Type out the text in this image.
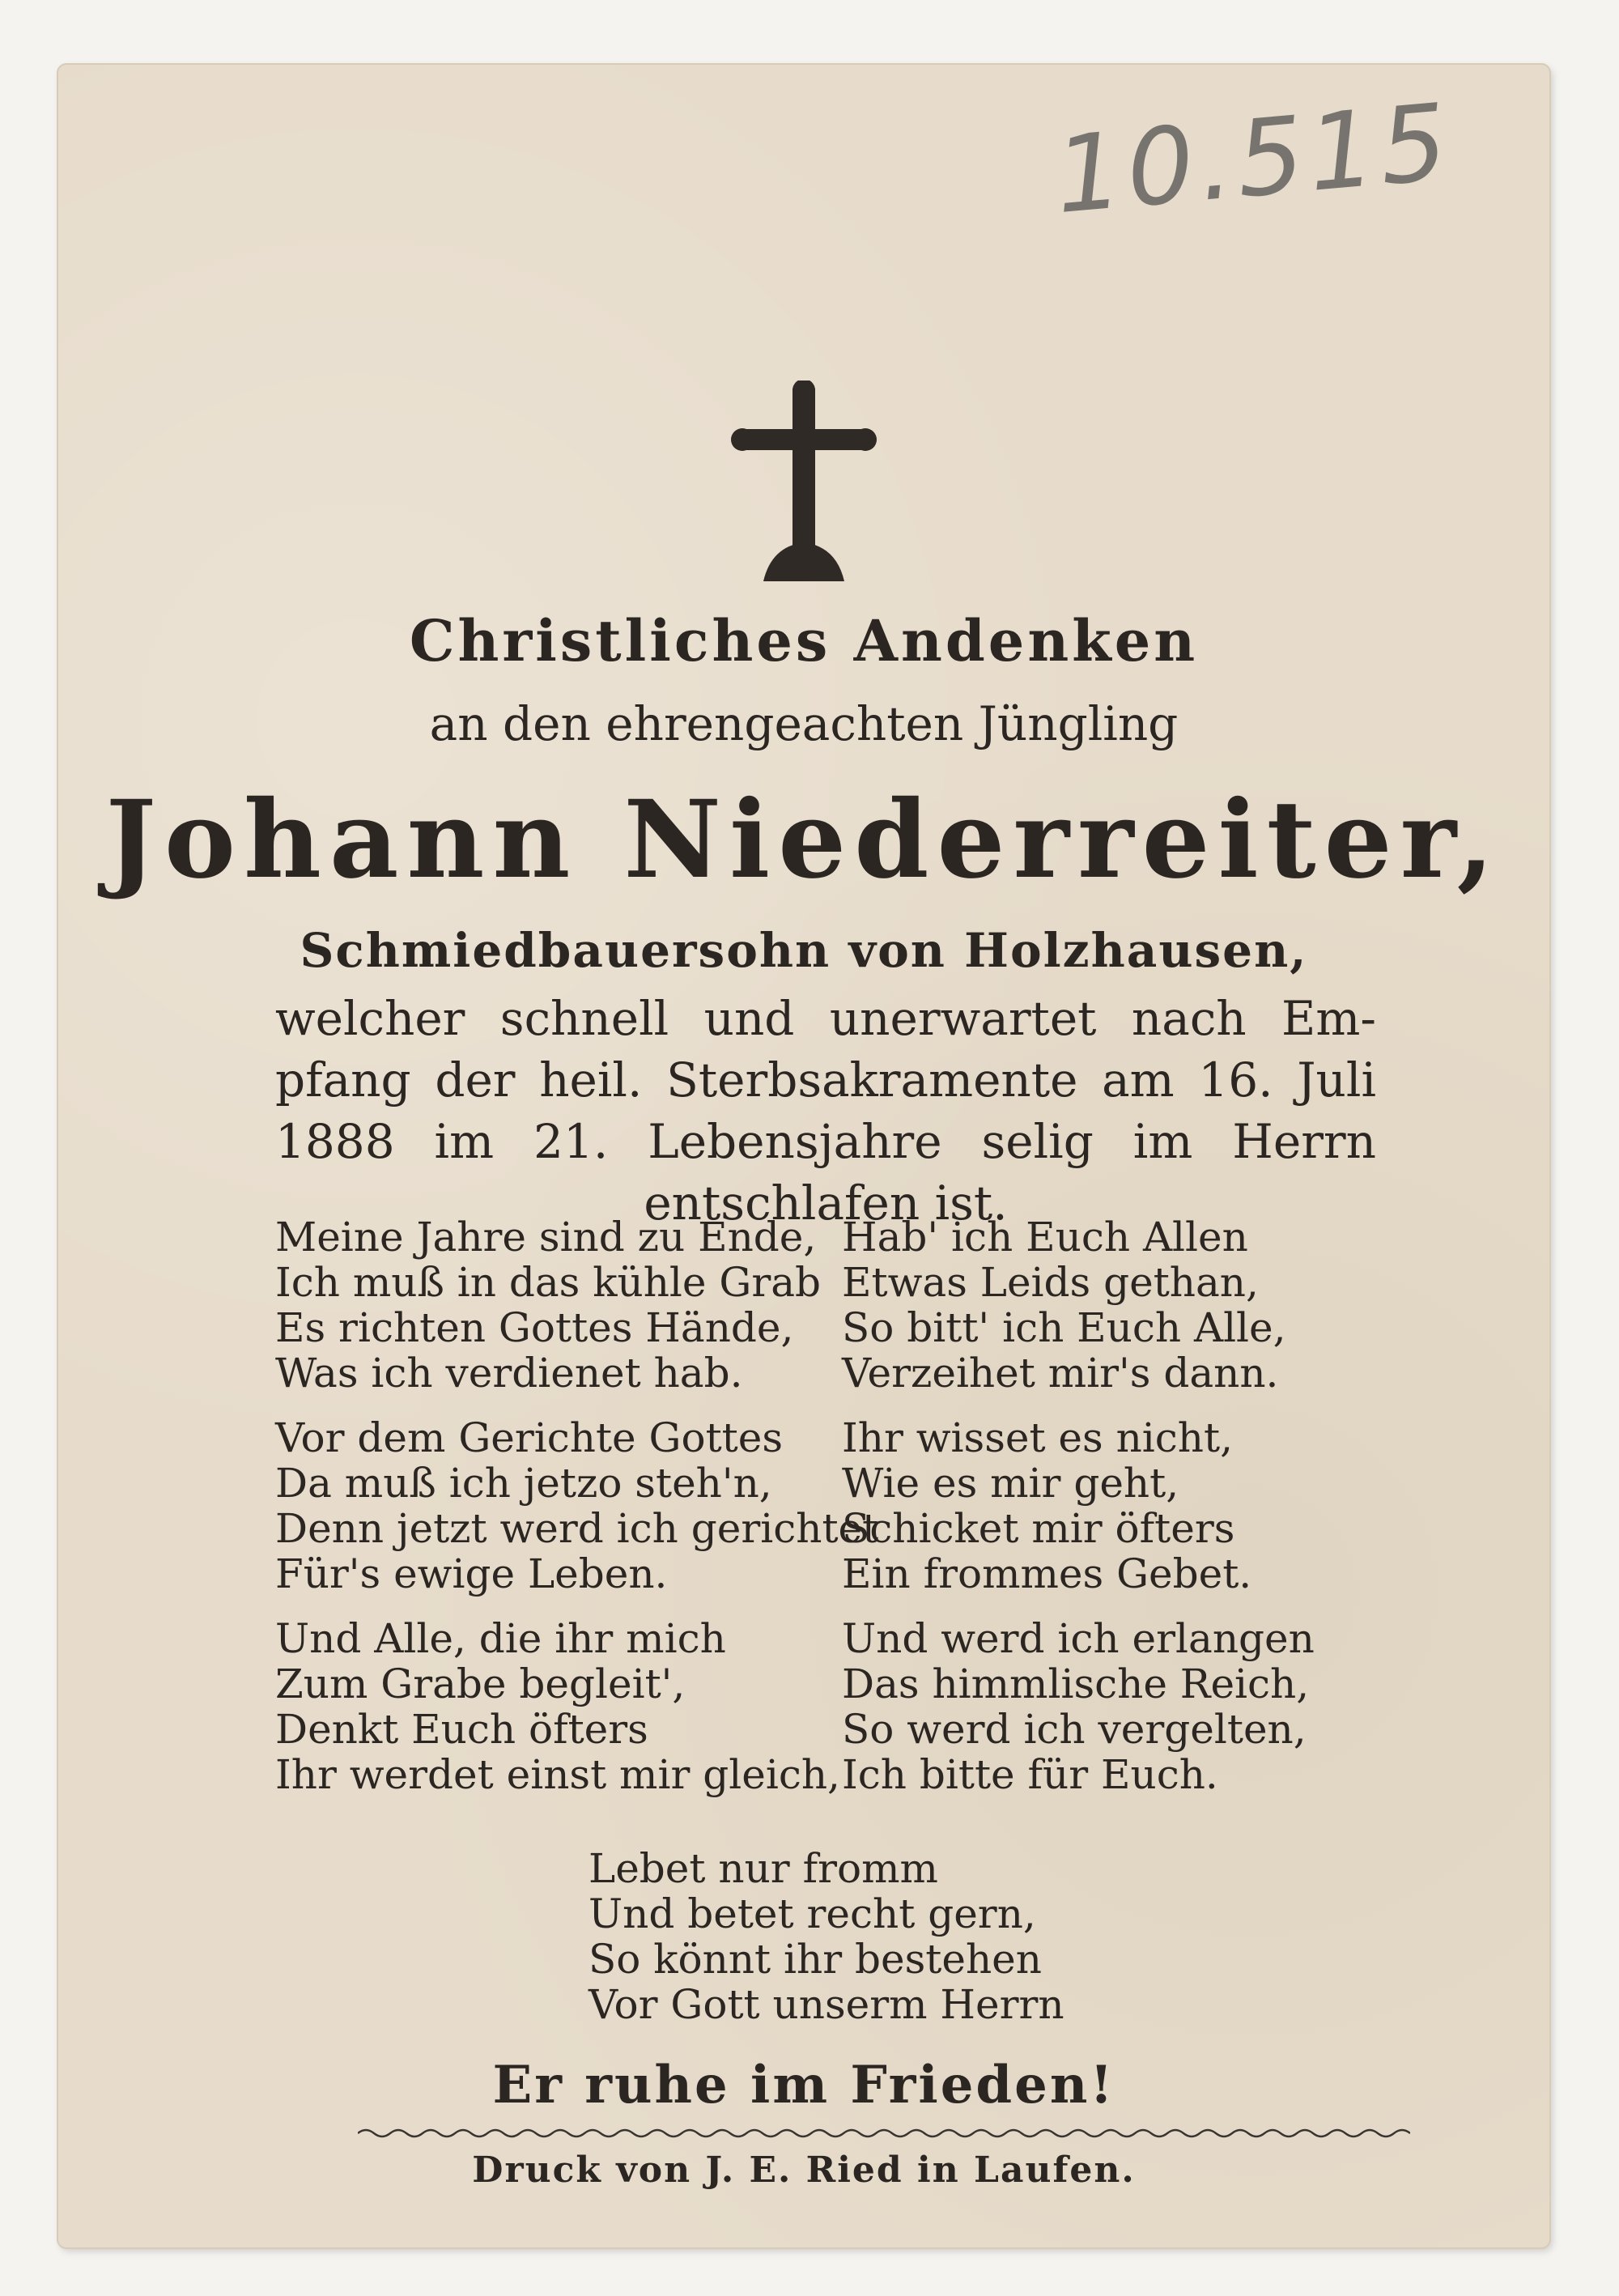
10.515
Christliches Andenken
an den ehrengeachten Jüngling
Johann Niederreiter,
Schmiedbauersohn von Holzhausen,
welcher schnell und unerwartet nach Em-
pfang der heil. Sterbsakramente am 16. Juli
1888 im 21. Lebensjahre selig im Herrn
entschlafen ist.
Meine Jahre sind zu Ende,
Ich muß in das kühle Grab
Es richten Gottes Hände,
Was ich verdienet hab.
Hab' ich Euch Allen
Etwas Leids gethan,
So bitt' ich Euch Alle,
Verzeihet mir's dann.
Vor dem Gerichte Gottes
Da muß ich jetzo steh'n,
Denn jetzt werd ich gerichtet
Für's ewige Leben.
Ihr wisset es nicht,
Wie es mir geht,
Schicket mir öfters
Ein frommes Gebet.
Und Alle, die ihr mich
Zum Grabe begleit',
Denkt Euch öfters
Ihr werdet einst mir gleich,
Und werd ich erlangen
Das himmlische Reich,
So werd ich vergelten,
Ich bitte für Euch.
Lebet nur fromm
Und betet recht gern,
So könnt ihr bestehen
Vor Gott unserm Herrn
Er ruhe im Frieden!
Druck von J. E. Ried in Laufen.
